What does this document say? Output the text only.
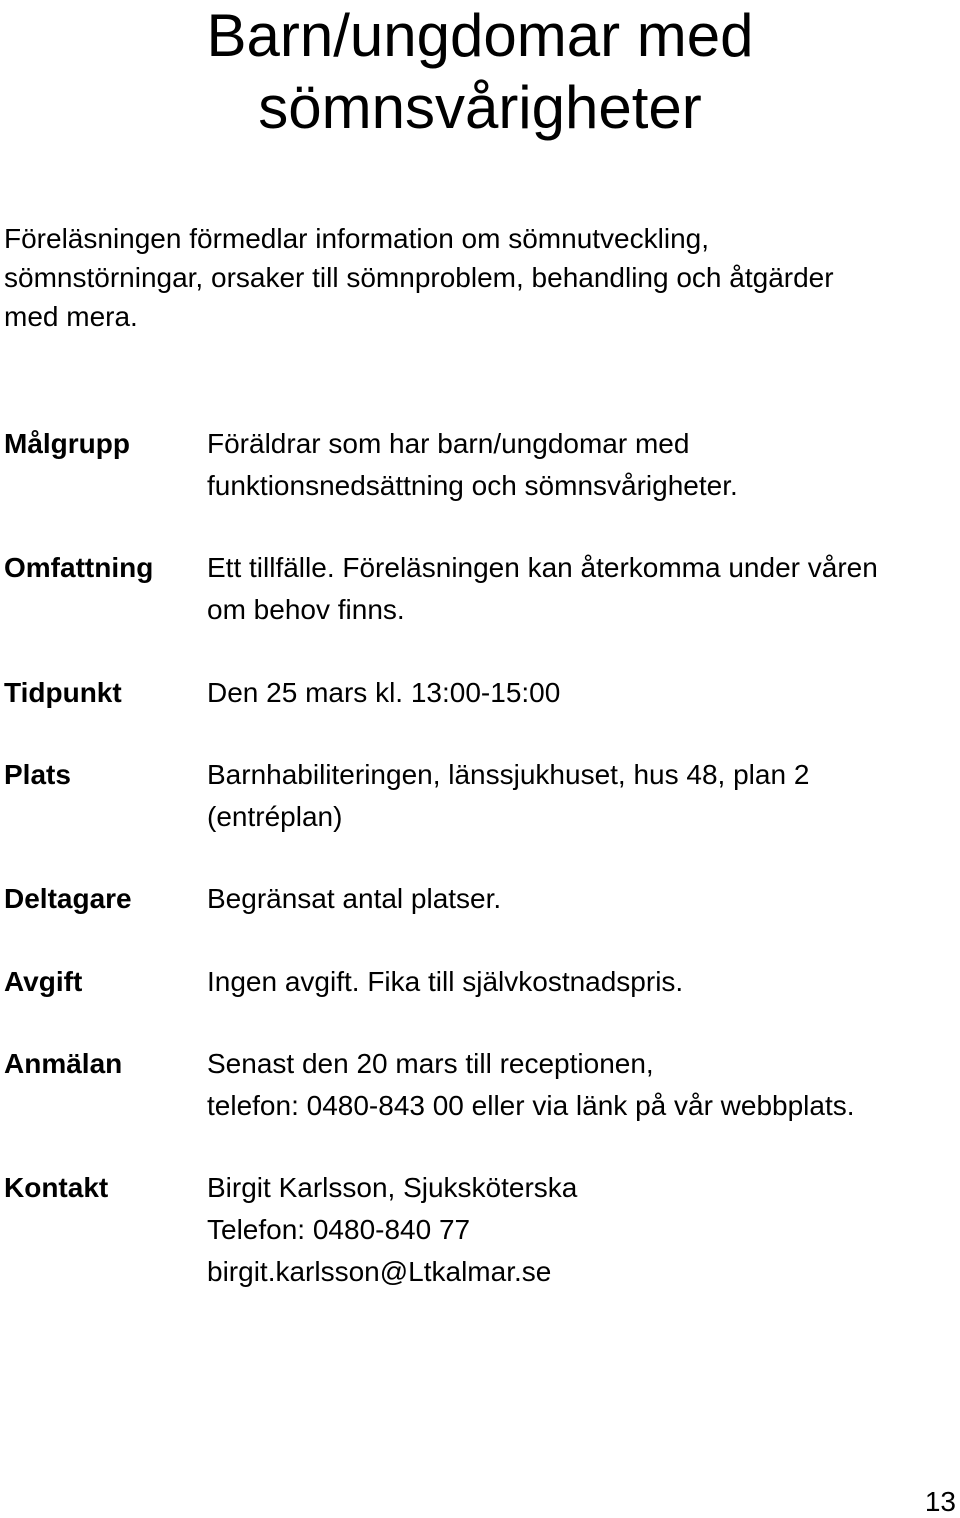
Barn/ungdomar med
sömnsvårigheter

Föreläsningen förmedlar information om sömnutveckling,
sömnstörningar, orsaker till sömnproblem, behandling och åtgärder
med mera.

Målgrupp	Föräldrar som har barn/ungdomar med
funktionsnedsättning och sömnsvårigheter.
Omfattning Ett tillfälle. Föreläsningen kan återkomma under våren
om behov finns.
Tidpunkt	Den 25 mars kl. 13:00-15:00
Plats	Barnhabiliteringen, länssjukhuset, hus 48, plan 2
(entréplan)
Deltagare	Begränsat antal platser.
Avgift	Ingen avgift. Fika till självkostnadspris.
Anmälan	Senast den 20 mars till receptionen,
telefon: 0480-843 00 eller via länk på vår webbplats.
Kontakt	Birgit Karlsson, Sjuksköterska
Telefon: 0480-840 77
birgit.karlsson@Ltkalmar.se
13
